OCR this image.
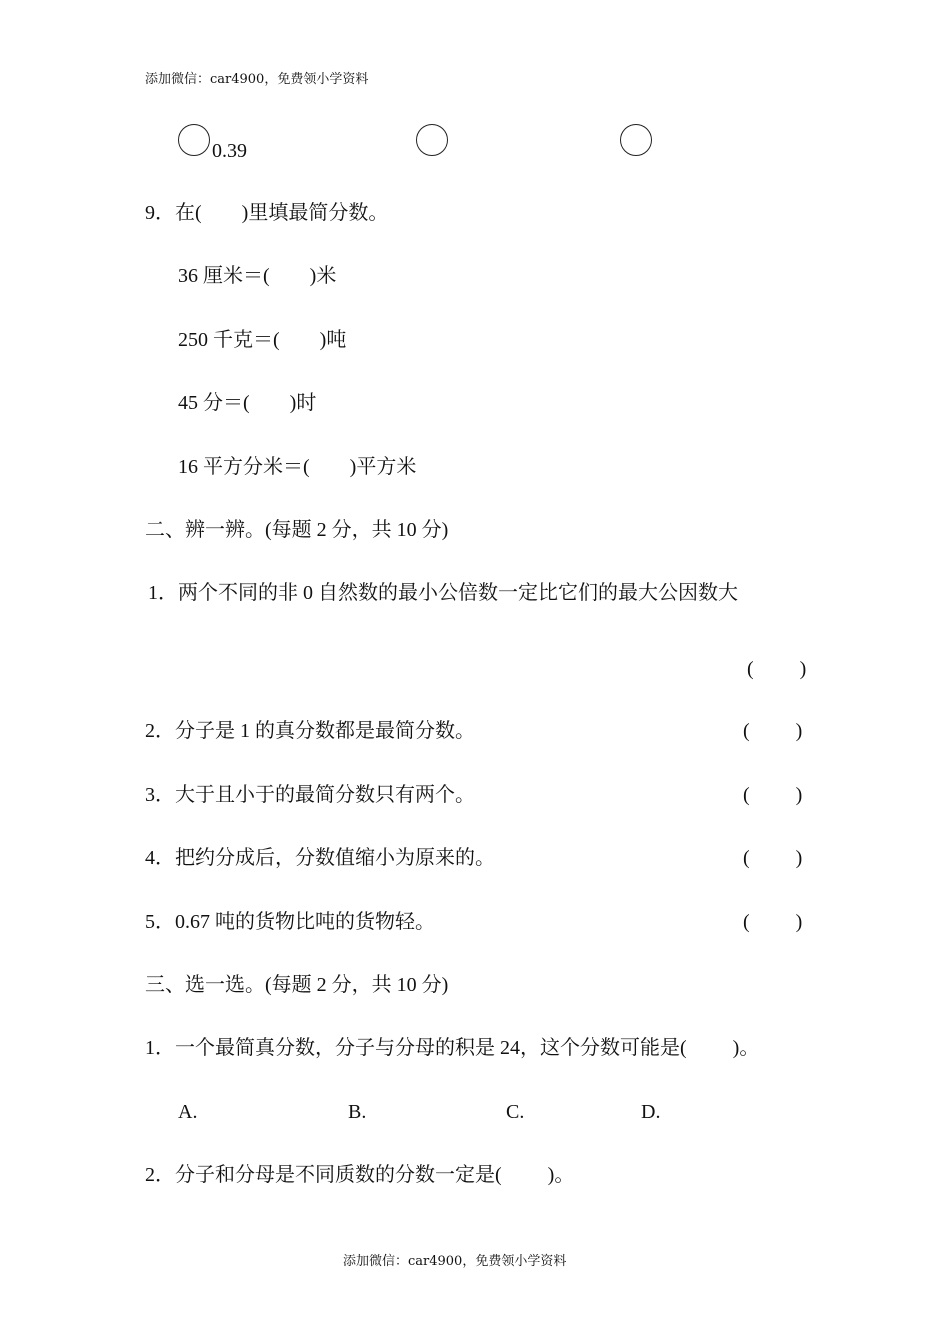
添加微信：car4900，免费领小学资料
0.39
9．在( )里填最简分数。
36 厘米＝( )米
250 千克＝( )吨
45 分＝( )时
16 平方分米＝( )平方米
二、辨一辨。(每题 2 分，共 10 分)
1．两个不同的非 0 自然数的最小公倍数一定比它们的最大公因数大
( )
2．分子是 1 的真分数都是最简分数。	( )
3．大于且小于的最简分数只有两个。	( )
4．把约分成后，分数值缩小为原来的。	( )
5．0.67 吨的货物比吨的货物轻。	( )
三、选一选。(每题 2 分，共 10 分)
1．一个最简真分数，分子与分母的积是 24，这个分数可能是( )。
A.	B.	C.	D.
2．分子和分母是不同质数的分数一定是( )。
添加微信：car4900，免费领小学资料
